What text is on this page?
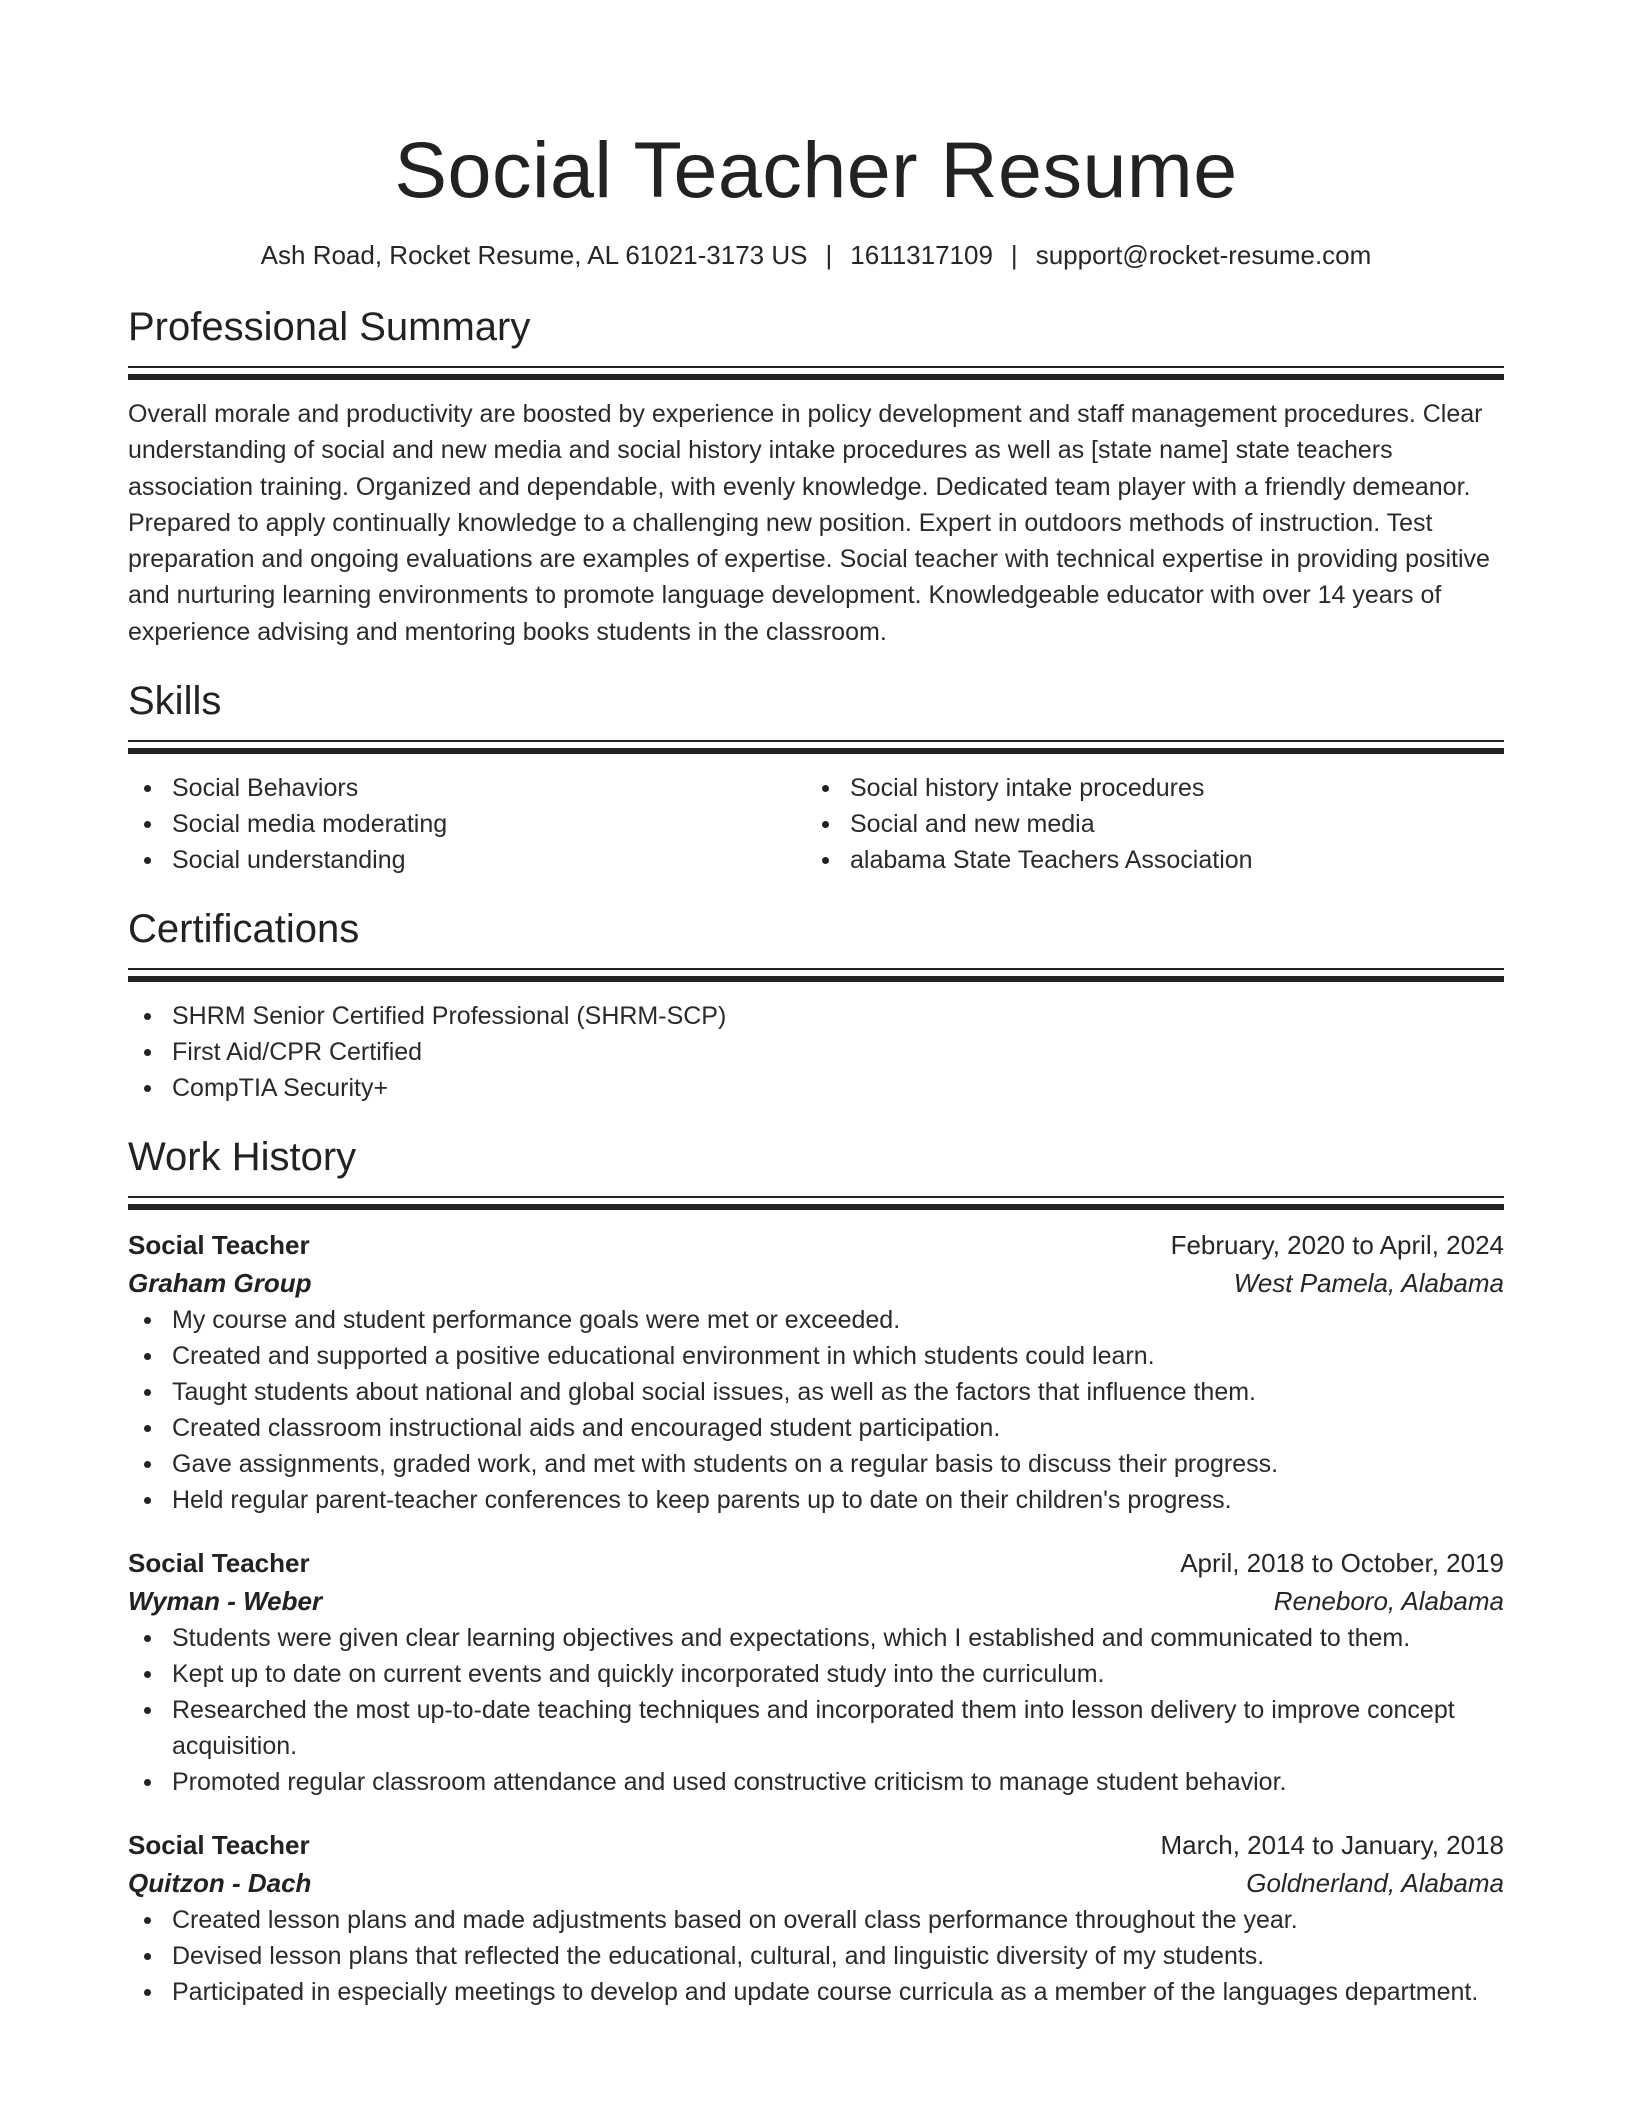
Social Teacher Resume
Ash Road, Rocket Resume, AL 61021-3173 US | 1611317109 | support@rocket-resume.com
Professional Summary

Overall morale and productivity are boosted by experience in policy development and staff management procedures. Clear understanding of social and new media and social history intake procedures as well as [state name] state teachers association training. Organized and dependable, with evenly knowledge. Dedicated team player with a friendly demeanor. Prepared to apply continually knowledge to a challenging new position. Expert in outdoors methods of instruction. Test preparation and ongoing evaluations are examples of expertise. Social teacher with technical expertise in providing positive and nurturing learning environments to promote language development. Knowledgeable educator with over 14 years of experience advising and mentoring books students in the classroom.

Skills
Social Behaviors
Social media moderating
Social understanding
Social history intake procedures
Social and new media
alabama State Teachers Association
Certifications
SHRM Senior Certified Professional (SHRM-SCP)
First Aid/CPR Certified
CompTIA Security+
Work History
Social Teacher	February, 2020 to April, 2024
Graham Group	West Pamela, Alabama
My course and student performance goals were met or exceeded.
Created and supported a positive educational environment in which students could learn.
Taught students about national and global social issues, as well as the factors that influence them.
Created classroom instructional aids and encouraged student participation.
Gave assignments, graded work, and met with students on a regular basis to discuss their progress.
Held regular parent-teacher conferences to keep parents up to date on their children's progress.
Social Teacher	April, 2018 to October, 2019
Wyman - Weber	Reneboro, Alabama
Students were given clear learning objectives and expectations, which I established and communicated to them.
Kept up to date on current events and quickly incorporated study into the curriculum.
Researched the most up-to-date teaching techniques and incorporated them into lesson delivery to improve concept acquisition.
Promoted regular classroom attendance and used constructive criticism to manage student behavior.
Social Teacher	March, 2014 to January, 2018
Quitzon - Dach	Goldnerland, Alabama
Created lesson plans and made adjustments based on overall class performance throughout the year.
Devised lesson plans that reflected the educational, cultural, and linguistic diversity of my students.
Participated in especially meetings to develop and update course curricula as a member of the languages department.
